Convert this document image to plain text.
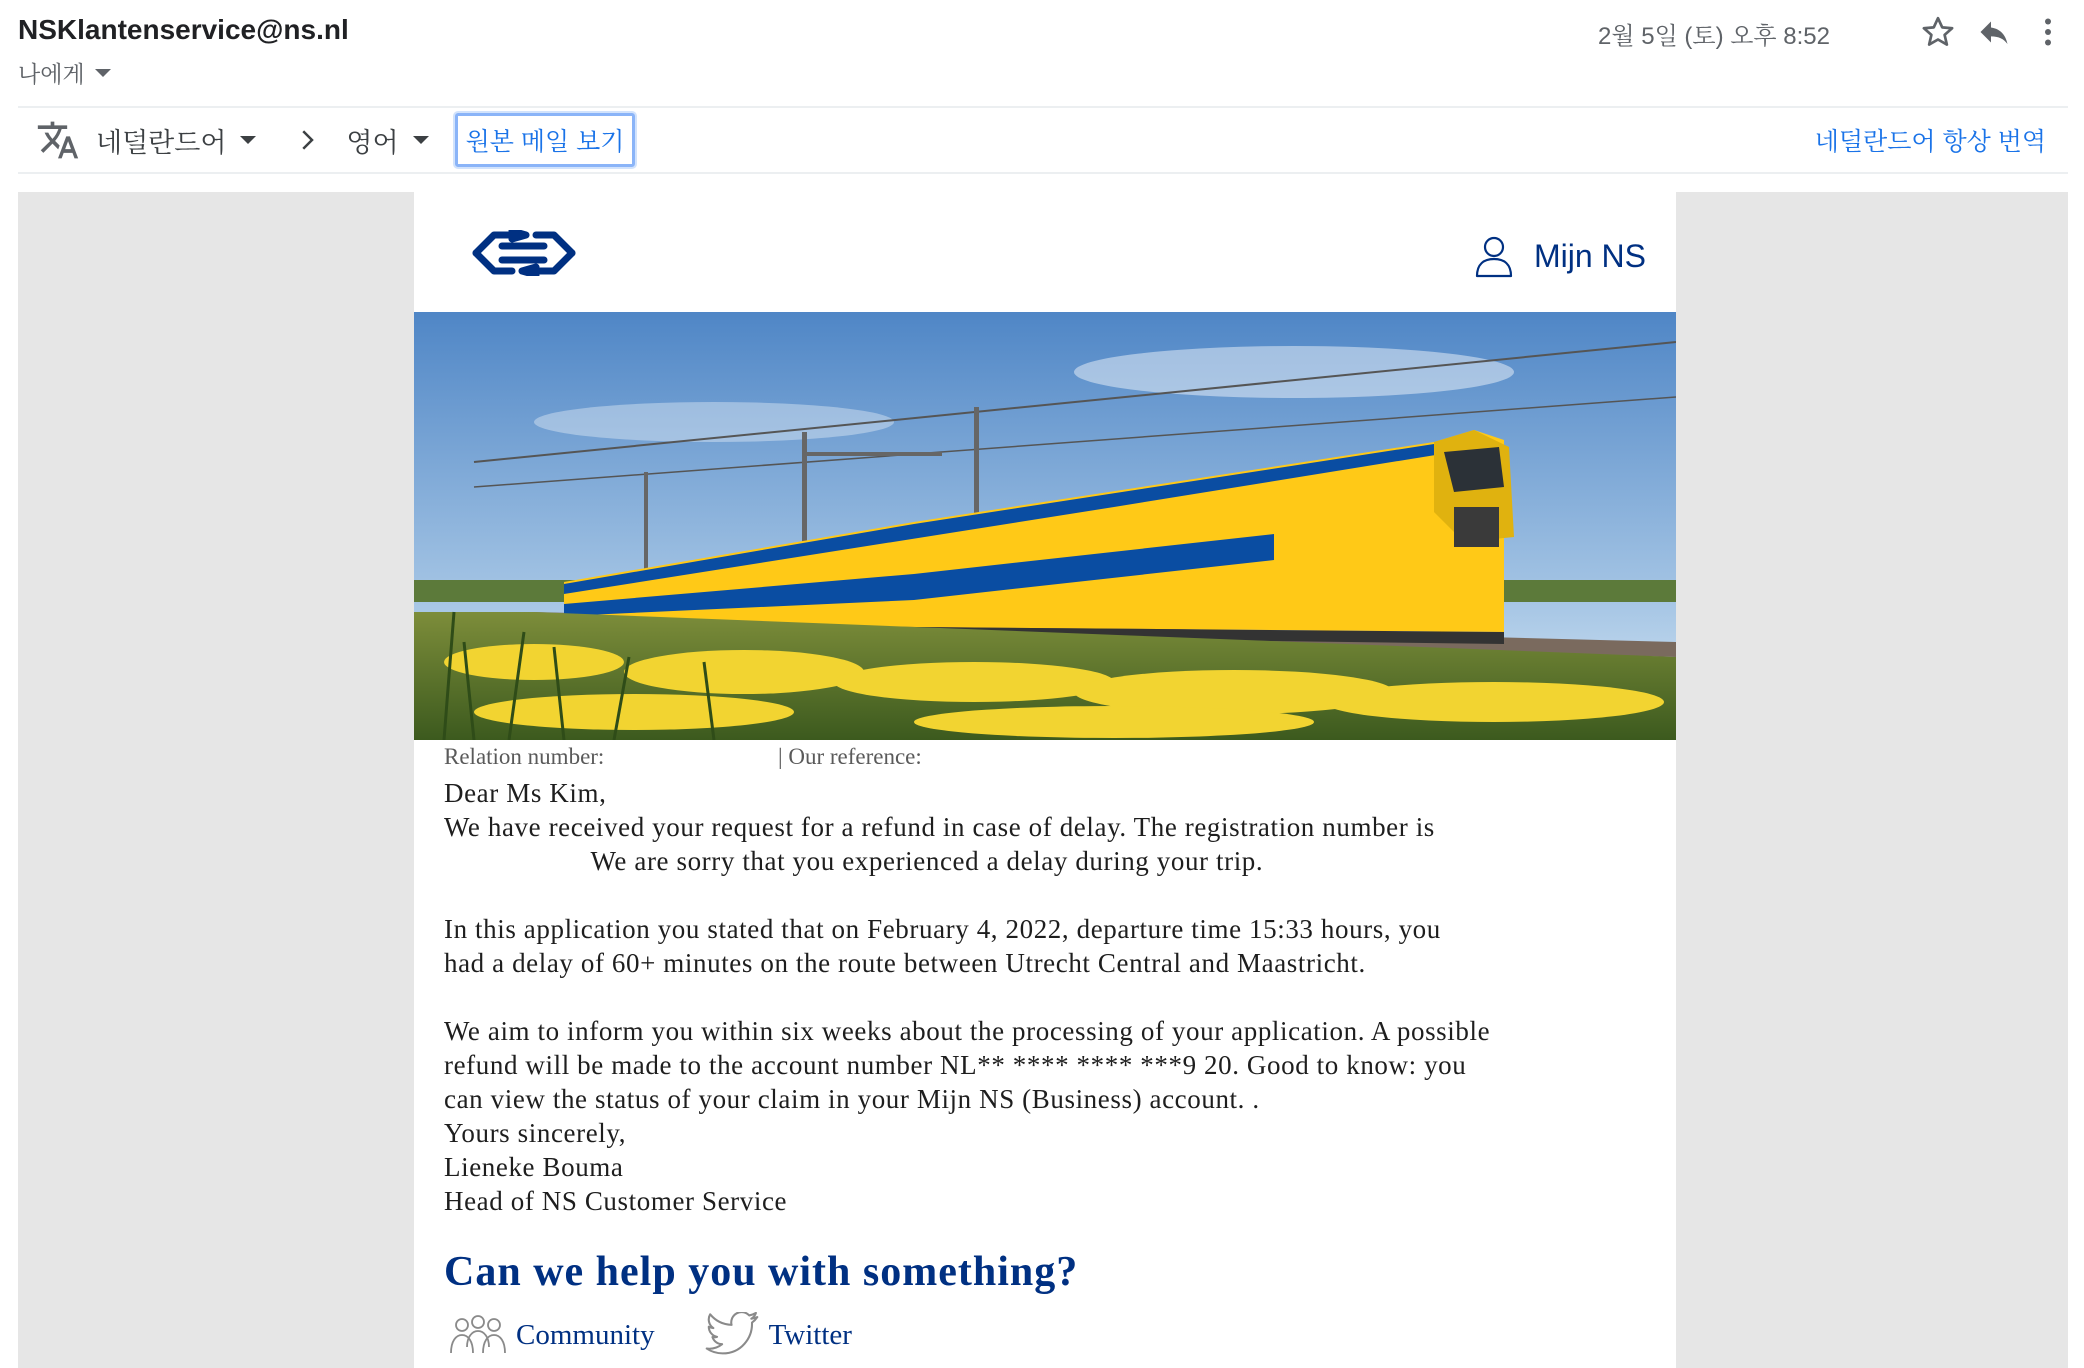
NSKlantenservice@ns.nl
나에게
2월 5일 (토) 오후 8:52
네덜란드어	영어	원본 메일 보기	네덜란드어 항상 번역
Mijn NS
Relation number:	| Our reference:

Dear Ms Kim,

We have received your request for a refund in case of delay. The registration number is

We are sorry that you experienced a delay during your trip.

In this application you stated that on February 4, 2022, departure time 15:33 hours, you

had a delay of 60+ minutes on the route between Utrecht Central and Maastricht.

We aim to inform you within six weeks about the processing of your application. A possible

refund will be made to the account number NL** **** **** ***9 20. Good to know: you

can view the status of your claim in your Mijn NS (Business) account. .

Yours sincerely,

Lieneke Bouma

Head of NS Customer Service

Can we help you with something?
Community	Twitter
